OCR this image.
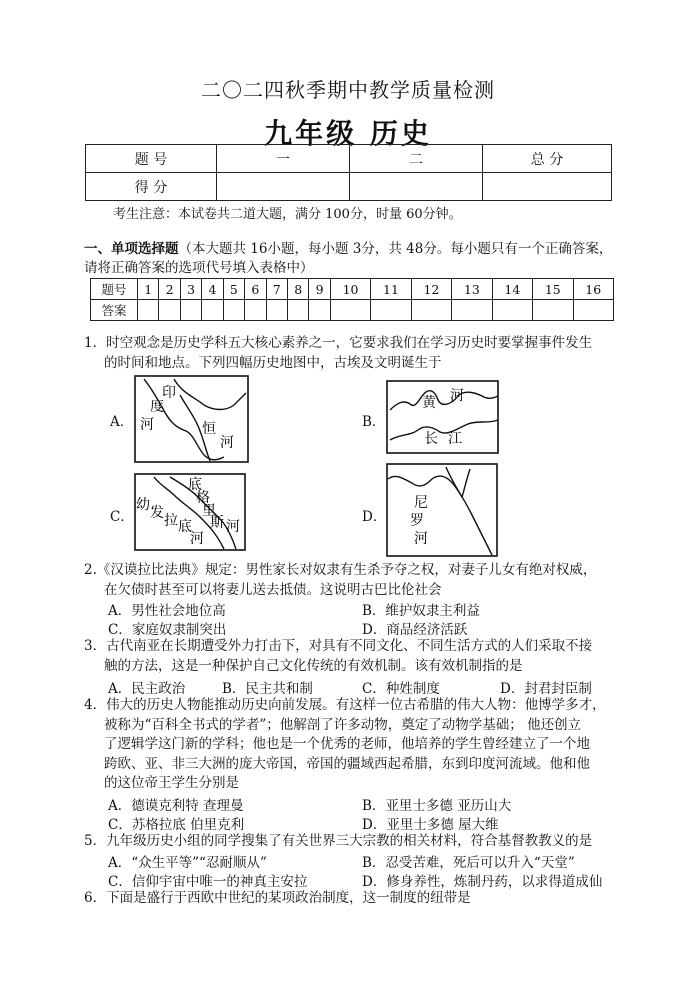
二〇二四秋季期中教学质量检测
九年级 历史
题 号	一	二	总 分
得 分			
考生注意：本试卷共二道大题，满分 100分，时量 60分钟。
一、单项选择题（本大题共 16小题，每小题 3分，共 48分。每小题只有一个正确答案，请将正确答案的选项代号填入表格中）
题号	1	2	3	4	5	6	7	8	9	10	11	12	13	14	15	16
答案																
1．时空观念是历史学科五大核心素养之一，它要求我们在学习历史时要掌握事件发生
的时间和地点。下列四幅历史地图中，古埃及文明诞生于
A．
印
度
河	恒
河
B．
黄 河
长 江
C．
底
格
里
斯 河
幼 发 拉 底
河
D．
尼
罗
河
2.《汉谟拉比法典》规定：男性家长对奴隶有生杀予夺之权，对妻子儿女有绝对权威，
在欠债时甚至可以将妻儿送去抵债。这说明古巴比伦社会
A．男性社会地位高	B．维护奴隶主利益
C．家庭奴隶制突出	D．商品经济活跃
3．古代南亚在长期遭受外力打击下，对具有不同文化、不同生活方式的人们采取不接
触的方法，这是一种保护自己文化传统的有效机制。该有效机制指的是
A．民主政治	B．民主共和制	C．种姓制度	D．封君封臣制
4．伟大的历史人物能推动历史向前发展。有这样一位古希腊的伟大人物：他博学多才，
被称为“百科全书式的学者”；他解剖了许多动物，奠定了动物学基础； 他还创立
了逻辑学这门新的学科；他也是一个优秀的老师，他培养的学生曾经建立了一个地
跨欧、亚、非三大洲的庞大帝国，帝国的疆域西起希腊，东到印度河流域。他和他
的这位帝王学生分别是
A．德谟克利特 查理曼	B．亚里士多德 亚历山大
C．苏格拉底 伯里克利	D．亚里士多德 屋大维
5．九年级历史小组的同学搜集了有关世界三大宗教的相关材料，符合基督教教义的是
A．“众生平等”“忍耐顺从”	B．忍受苦难，死后可以升入“天堂”
C．信仰宇宙中唯一的神真主安拉	D．修身养性，炼制丹药，以求得道成仙
6．下面是盛行于西欧中世纪的某项政治制度，这一制度的纽带是
